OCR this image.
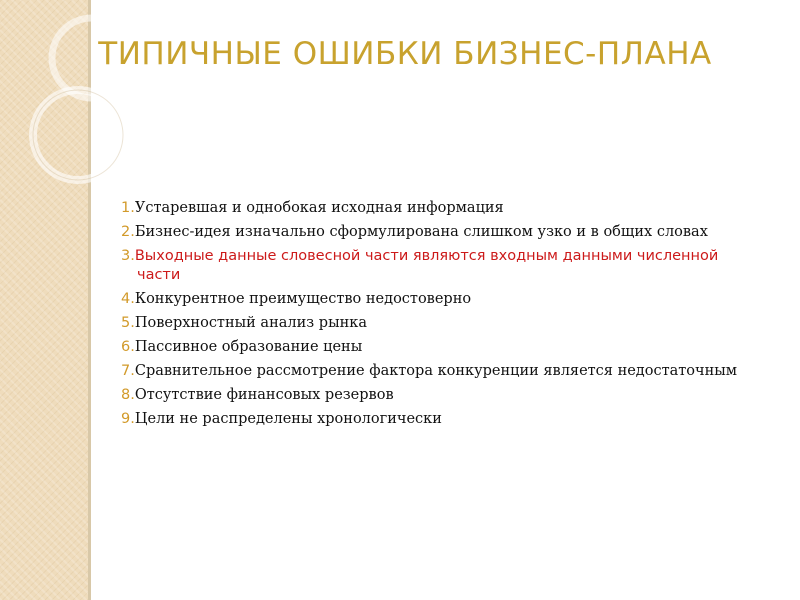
ТИПИЧНЫЕ ОШИБКИ БИЗНЕС-ПЛАНА
1.Устаревшая и однобокая исходная информация
2.Бизнес-идея изначально сформулирована слишком узко и в общих словах
3.Выходные данные словесной части являются входным данными численной части
4.Конкурентное преимущество недостоверно
5.Поверхностный анализ рынка
6.Пассивное образование цены
7.Сравнительное рассмотрение фактора конкуренции является недостаточным
8.Отсутствие финансовых резервов
9.Цели не распределены хронологически
